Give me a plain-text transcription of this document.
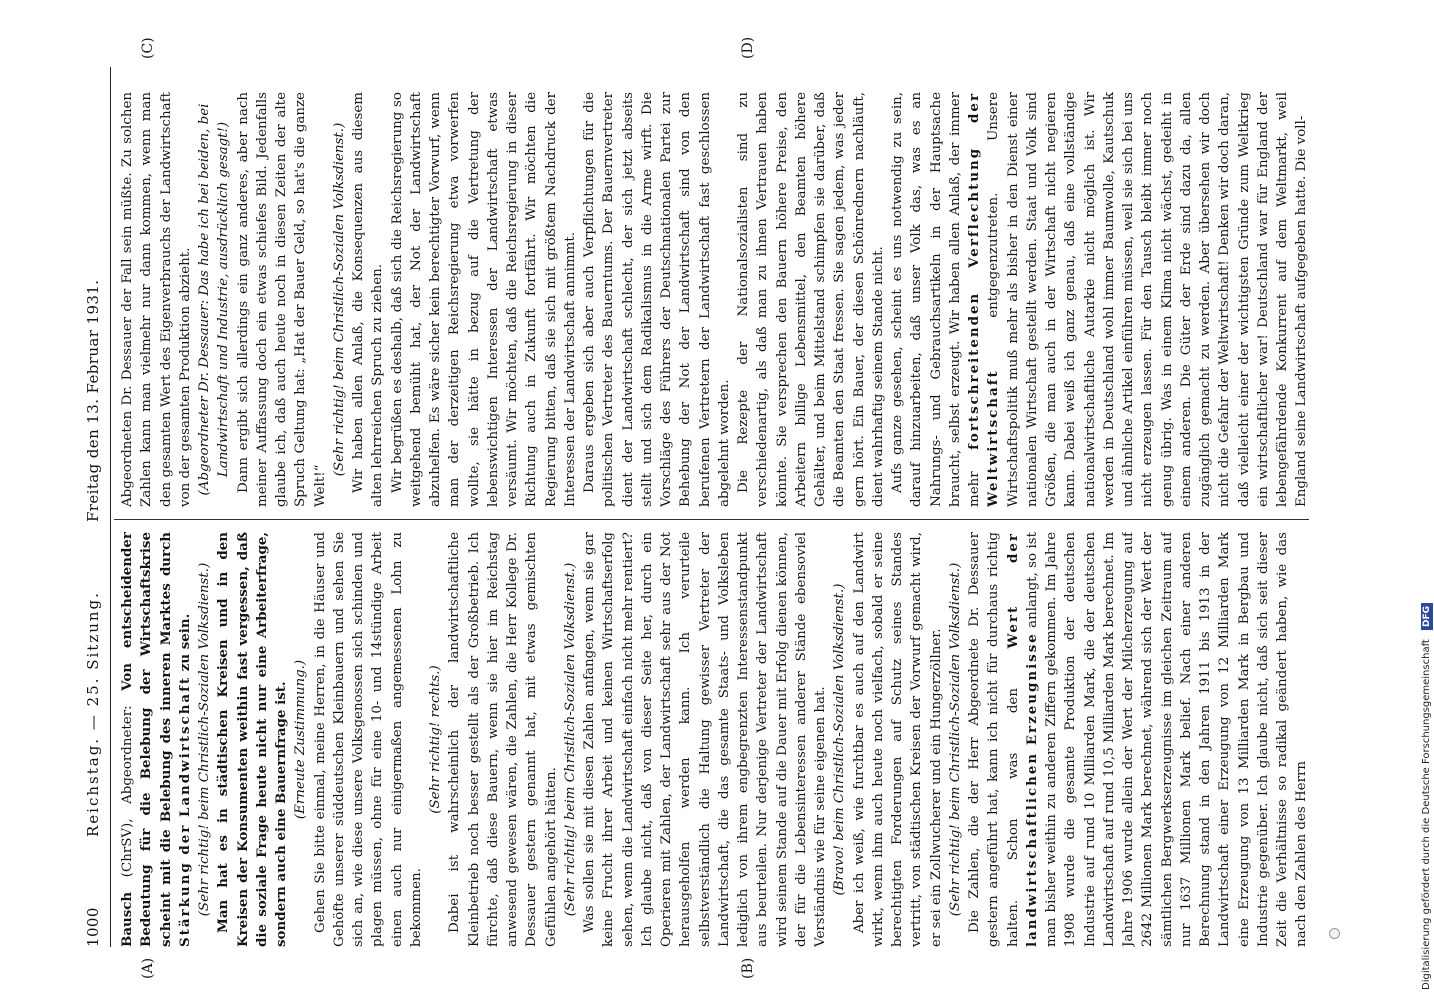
1000
Reichstag. — 25. Sitzung.
Freitag den 13. Februar 1931.
(A)	(B)
(C)	(D)

Bausch (ChrSV), Abgeordneter: Von entscheidender Bedeutung für die Belebung der Wirtschaftskrise scheint mit die Belebung des inneren Marktes durch Stärkung der Landwirtschaft zu sein. (Sehr richtig! beim Christlich-Sozialen Volksdienst.) Man hat es in städtischen Kreisen und in den Kreisen der Konsumenten weithin fast vergessen, daß die soziale Frage heute nicht nur eine Arbeiterfrage, sondern auch eine Bauernfrage ist. (Erneute Zustimmung.) Gehen Sie bitte einmal, meine Herren, in die Häuser und Gehöfte unserer süddeutschen Kleinbauern und sehen Sie sich an, wie diese unsere Volksgenossen sich schinden und plagen müssen, ohne für eine 10- und 14stündige Arbeit einen auch nur einigermaßen angemessenen Lohn zu bekommen.

(Sehr richtig! rechts.) Dabei ist wahrscheinlich der landwirtschaftliche Kleinbetrieb noch besser gestellt als der Großbetrieb. Ich fürchte, daß diese Bauern, wenn sie hier im Reichstag anwesend gewesen wären, die Zahlen, die Herr Kollege Dr. Dessauer gestern genannt hat, mit etwas gemischten Gefühlen angehört hätten. (Sehr richtig! beim Christlich-Sozialen Volksdienst.) Was sollen sie mit diesen Zahlen anfangen, wenn sie gar keine Frucht ihrer Arbeit und keinen Wirtschaftserfolg sehen, wenn die Landwirtschaft einfach nicht mehr rentiert? Ich glaube nicht, daß von dieser Seite her, durch ein Operieren mit Zahlen, der Landwirtschaft sehr aus der Not herausgeholfen werden kann. Ich verurteile selbstverständlich die Haltung gewisser Vertreter der Landwirtschaft, die das gesamte Staats- und Volksleben lediglich von ihrem engbegrenzten Interessenstandpunkt aus beurteilen. Nur derjenige Vertreter der Landwirtschaft wird seinem Stande auf die Dauer mit Erfolg dienen können, der für die Lebensinteressen anderer Stände ebensoviel Verständnis wie für seine eigenen hat. (Bravo! beim Christlich-Sozialen Volksdienst.) Aber ich weiß, wie furchtbar es auch auf den Landwirt wirkt, wenn ihm auch heute noch vielfach, sobald er seine berechtigten Forderungen auf Schutz seines Standes vertritt, von städtischen Kreisen der Vorwurf gemacht wird, er sei ein Zollwucherer und ein Hungerzöllner. (Sehr richtig! beim Christlich-Sozialen Volksdienst.) Die Zahlen, die der Herr Abgeordnete Dr. Dessauer gestern angeführt hat, kann ich nicht für durchaus richtig halten. Schon was den Wert der landwirtschaftlichen Erzeugnisse anlangt, so ist man bisher weithin zu anderen Ziffern gekommen. Im Jahre 1908 wurde die gesamte Produktion der deutschen Industrie auf rund 10 Milliarden Mark, die der deutschen Landwirtschaft auf rund 10,5 Milliarden Mark berechnet. Im Jahre 1906 wurde allein der Wert der Milcherzeugung auf 2642 Millionen Mark berechnet, während sich der Wert der sämtlichen Bergwerkserzeugnisse im gleichen Zeitraum auf nur 1637 Millionen Mark belief. Nach einer anderen Berechnung stand in den Jahren 1911 bis 1913 in der Landwirtschaft einer Erzeugung von 12 Milliarden Mark eine Erzeugung von 13 Milliarden Mark in Bergbau und Industrie gegenüber. Ich glaube nicht, daß sich seit dieser Zeit die Verhältnisse so radikal geändert haben, wie das nach den Zahlen des Herrn

Abgeordneten Dr. Dessauer der Fall sein müßte. Zu solchen Zahlen kann man vielmehr nur dann kommen, wenn man den gesamten Wert des Eigenverbrauchs der Landwirtschaft von der gesamten Produktion abzieht. (Abgeordneter Dr. Dessauer: Das habe ich bei beiden, bei Landwirtschaft und Industrie, ausdrücklich gesagt!) Dann ergibt sich allerdings ein ganz anderes, aber nach meiner Auffassung doch ein etwas schiefes Bild. Jedenfalls glaube ich, daß auch heute noch in diesen Zeiten der alte Spruch Geltung hat: „Hat der Bauer Geld, so hat's die ganze Welt!“

(Sehr richtig! beim Christlich-Sozialen Volksdienst.) Wir haben allen Anlaß, die Konsequenzen aus diesem alten lehrreichen Spruch zu ziehen. Wir begrüßen es deshalb, daß sich die Reichsregierung so weitgehend bemüht hat, der Not der Landwirtschaft abzuhelfen. Es wäre sicher kein berechtigter Vorwurf, wenn man der derzeitigen Reichsregierung etwa vorwerfen wollte, sie hätte in bezug auf die Vertretung der lebenswichtigen Interessen der Landwirtschaft etwas versäumt. Wir möchten, daß die Reichsregierung in dieser Richtung auch in Zukunft fortfährt. Wir möchten die Regierung bitten, daß sie sich mit größtem Nachdruck der Interessen der Landwirtschaft annimmt. Daraus ergeben sich aber auch Verpflichtungen für die politischen Vertreter des Bauerntums. Der Bauernvertreter dient der Landwirtschaft schlecht, der sich jetzt abseits stellt und sich dem Radikalismus in die Arme wirft. Die Vorschläge des Führers der Deutschnationalen Partei zur Behebung der Not der Landwirtschaft sind von den berufenen Vertretern der Landwirtschaft fast geschlossen abgelehnt worden. Die Rezepte der Nationalsozialisten sind zu verschiedenartig, als daß man zu ihnen Vertrauen haben könnte. Sie versprechen den Bauern höhere Preise, den Arbeitern billige Lebensmittel, den Beamten höhere Gehälter, und beim Mittelstand schimpfen sie darüber, daß die Beamten den Staat fressen. Sie sagen jedem, was jeder gern hört. Ein Bauer, der diesen Schönrednern nachläuft, dient wahrhaftig seinem Stande nicht. Aufs ganze gesehen, scheint es uns notwendig zu sein, darauf hinzuarbeiten, daß unser Volk das, was es an Nahrungs- und Gebrauchsartikeln in der Hauptsache braucht, selbst erzeugt. Wir haben allen Anlaß, der immer mehr fortschreitenden Verflechtung der Weltwirtschaft entgegenzutreten. Unsere Wirtschaftspolitik muß mehr als bisher in den Dienst einer nationalen Wirtschaft gestellt werden. Staat und Volk sind Größen, die man auch in der Wirtschaft nicht negieren kann. Dabei weiß ich ganz genau, daß eine vollständige nationalwirtschaftliche Autarkie nicht möglich ist. Wir werden in Deutschland wohl immer Baumwolle, Kautschuk und ähnliche Artikel einführen müssen, weil sie sich bei uns nicht erzeugen lassen. Für den Tausch bleibt immer noch genug übrig. Was in einem Klima nicht wächst, gedeiht in einem anderen. Die Güter der Erde sind dazu da, allen zugänglich gemacht zu werden. Aber übersehen wir doch nicht die Gefahr der Weltwirtschaft! Denken wir doch daran, daß vielleicht einer der wichtigsten Gründe zum Weltkrieg ein wirtschaftlicher war! Deutschland war für England der lebengefährdende Konkurrent auf dem Weltmarkt, weil England seine Landwirtschaft aufgegeben hatte. Die voll-

Digitalisierung gefördert durch die Deutsche Forschungsgemeinschaft DFG
